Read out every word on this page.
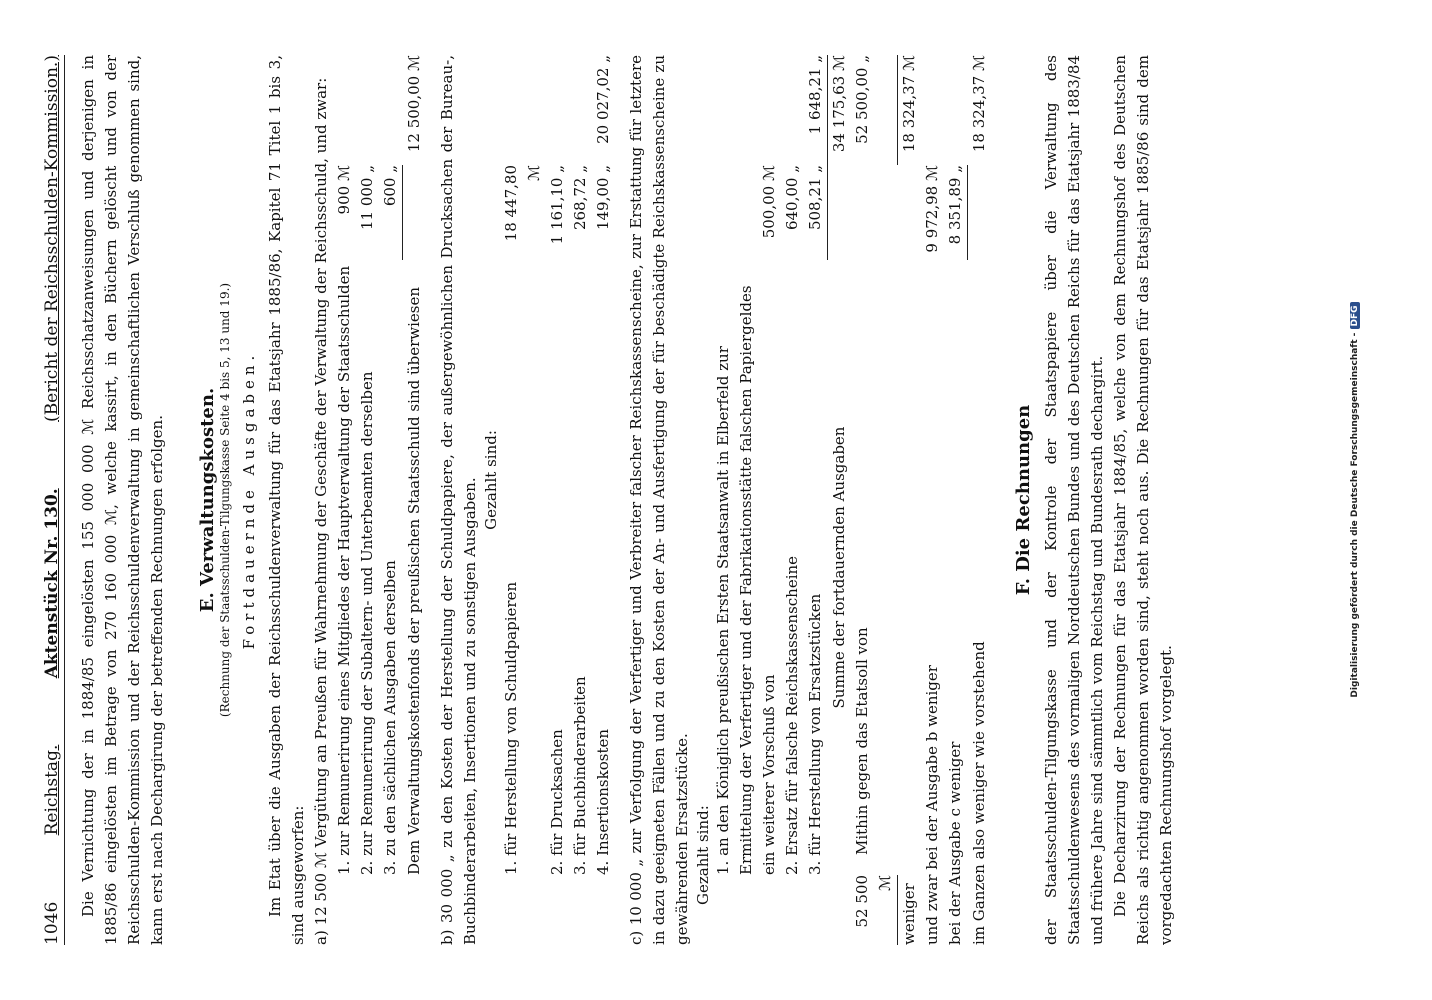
1046
Reichstag.
Aktenstück Nr. 130.
(Bericht der Reichsschulden-Kommission.) Die Vernichtung der in 1884/85 eingelösten 155 000 000 ℳ Reichsschatzanweisungen und derjenigen in 1885/86 eingelösten im Betrage von 270 160 000 ℳ, welche kassirt, in den Büchern gelöscht und von der Reichsschulden-Kommission und der Reichsschuldenverwaltung in gemeinschaftlichen Verschluß genommen sind, kann erst nach Dechargirung der betreffenden Rechnungen erfolgen. E. Verwaltungskosten. (Rechnung der Staatsschulden-Tilgungskasse Seite 4 bis 5, 13 und 19.) Fortdauernde Ausgaben. Im Etat über die Ausgaben der Reichsschuldenverwaltung für das Etatsjahr 1885/86, Kapitel 71 Titel 1 bis 3, sind ausgeworfen: a) 12 500 ℳ Vergütung an Preußen für Wahrnehmung der Geschäfte der Verwaltung der Reichsschuld, und zwar: 1. zur Remunerirung eines Mitgliedes der Hauptverwaltung der Staatsschulden
900 ℳ
2. zur Remunerirung der Subaltern- und Unterbeamten derselben
11 000 „
3. zu den sächlichen Ausgaben derselben
600 „
Dem Verwaltungskostenfonds der preußischen Staatsschuld sind überwiesen
12 500,00 ℳ b) 30 000 „ zu den Kosten der Herstellung der Schuldpapiere, der außergewöhnlichen Drucksachen der Bureau-, Buchbinderarbeiten, Insertionen und zu sonstigen Ausgaben. Gezahlt sind:
1. für Herstellung von Schuldpapieren
18 447,80 ℳ
2. für Drucksachen
1 161,10 „
3. für Buchbinderarbeiten
268,72 „
4. Insertionskosten
149,00 „
20 027,02 „ c) 10 000 „ zur Verfolgung der Verfertiger und Verbreiter falscher Reichskassenscheine, zur Erstattung für letztere in dazu geeigneten Fällen und zu den Kosten der An- und Ausfertigung der für beschädigte Reichskassenscheine zu gewährenden Ersatzstücke. Gezahlt sind: 1. an den Königlich preußischen Ersten Staatsanwalt in Elberfeld zur Ermittelung der Verfertiger und der Fabrikationsstätte falschen Papiergeldes ein weiterer Vorschuß von
500,00 ℳ
2. Ersatz für falsche Reichskassenscheine
640,00 „
3. für Herstellung von Ersatzstücken
508,21 „
1 648,21 „
Summe der fortdauernden Ausgaben
34 175,63 ℳ
52 500 ℳ
Mithin gegen das Etatsoll von
52 500,00 „
weniger
18 324,37 ℳ
und zwar bei der Ausgabe b weniger
9 972,98 ℳ
bei der Ausgabe c weniger
8 351,89 „
im Ganzen also weniger wie vorstehend
18 324,37 ℳ
F. Die Rechnungen der Staatsschulden-Tilgungskasse und der Kontrole der Staatspapiere über die Verwaltung des Staatsschuldenwesens des vormaligen Norddeutschen Bundes und des Deutschen Reichs für das Etatsjahr 1883/84 und frühere Jahre sind sämmtlich vom Reichstag und Bundesrath dechargirt. Die Decharzirung der Rechnungen für das Etatsjahr 1884/85, welche von dem Rechnungshof des Deutschen Reichs als richtig angenommen worden sind, steht noch aus. Die Rechnungen für das Etatsjahr 1885/86 sind dem vorgedachten Rechnungshof vorgelegt.

Digitalisierung gefördert durch die Deutsche Forschungsgemeinschaft - DFG
